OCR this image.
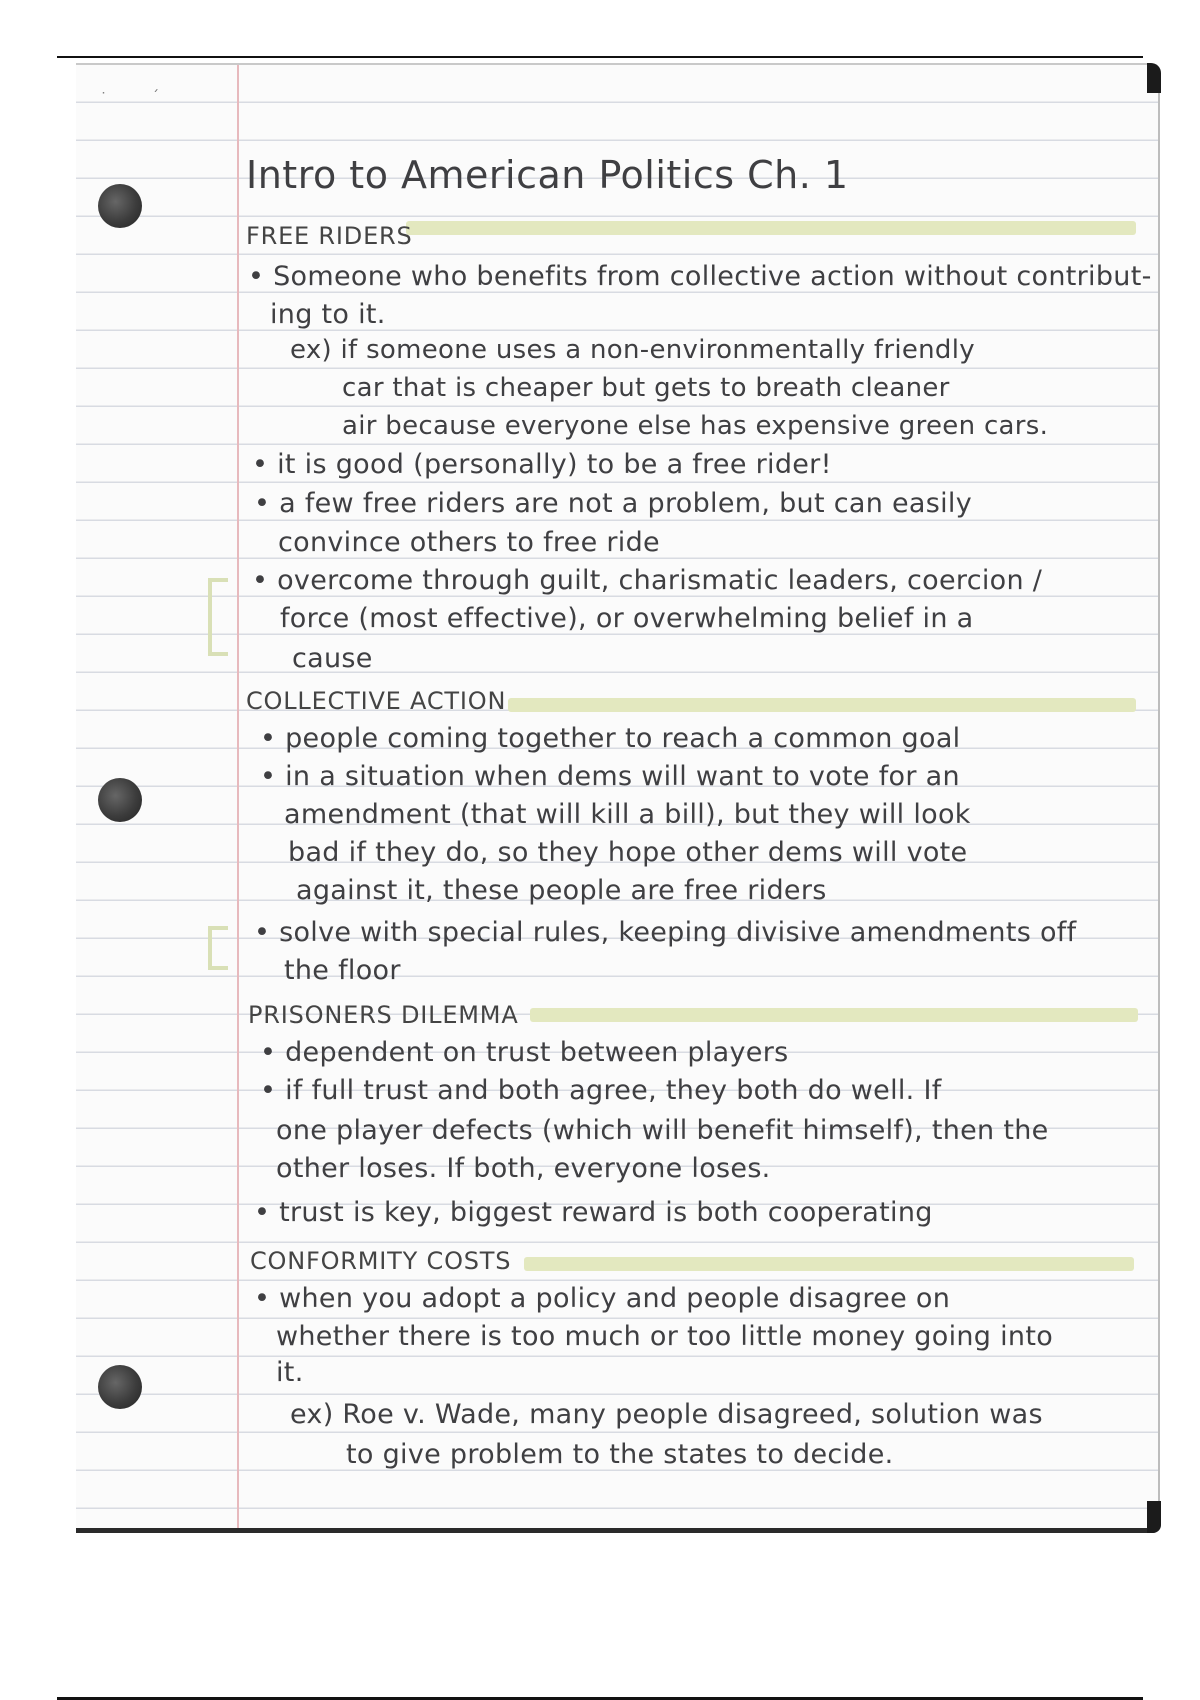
˙	ˊ
Intro to American Politics Ch. 1
FREE RIDERS
• Someone who benefits from collective action without contribut-
ing to it.
ex) if someone uses a non-environmentally friendly
car that is cheaper but gets to breath cleaner
air because everyone else has expensive green cars.
• it is good (personally) to be a free rider!
• a few free riders are not a problem, but can easily
convince others to free ride
• overcome through guilt, charismatic leaders, coercion /
force (most effective), or overwhelming belief in a
cause
COLLECTIVE ACTION
• people coming together to reach a common goal
• in a situation when dems will want to vote for an
amendment (that will kill a bill), but they will look
bad if they do, so they hope other dems will vote
against it, these people are free riders
• solve with special rules, keeping divisive amendments off
the floor
PRISONERS DILEMMA
• dependent on trust between players
• if full trust and both agree, they both do well. If
one player defects (which will benefit himself), then the
other loses. If both, everyone loses.
• trust is key, biggest reward is both cooperating
CONFORMITY COSTS
• when you adopt a policy and people disagree on
whether there is too much or too little money going into
it.
ex) Roe v. Wade, many people disagreed, solution was
to give problem to the states to decide.
